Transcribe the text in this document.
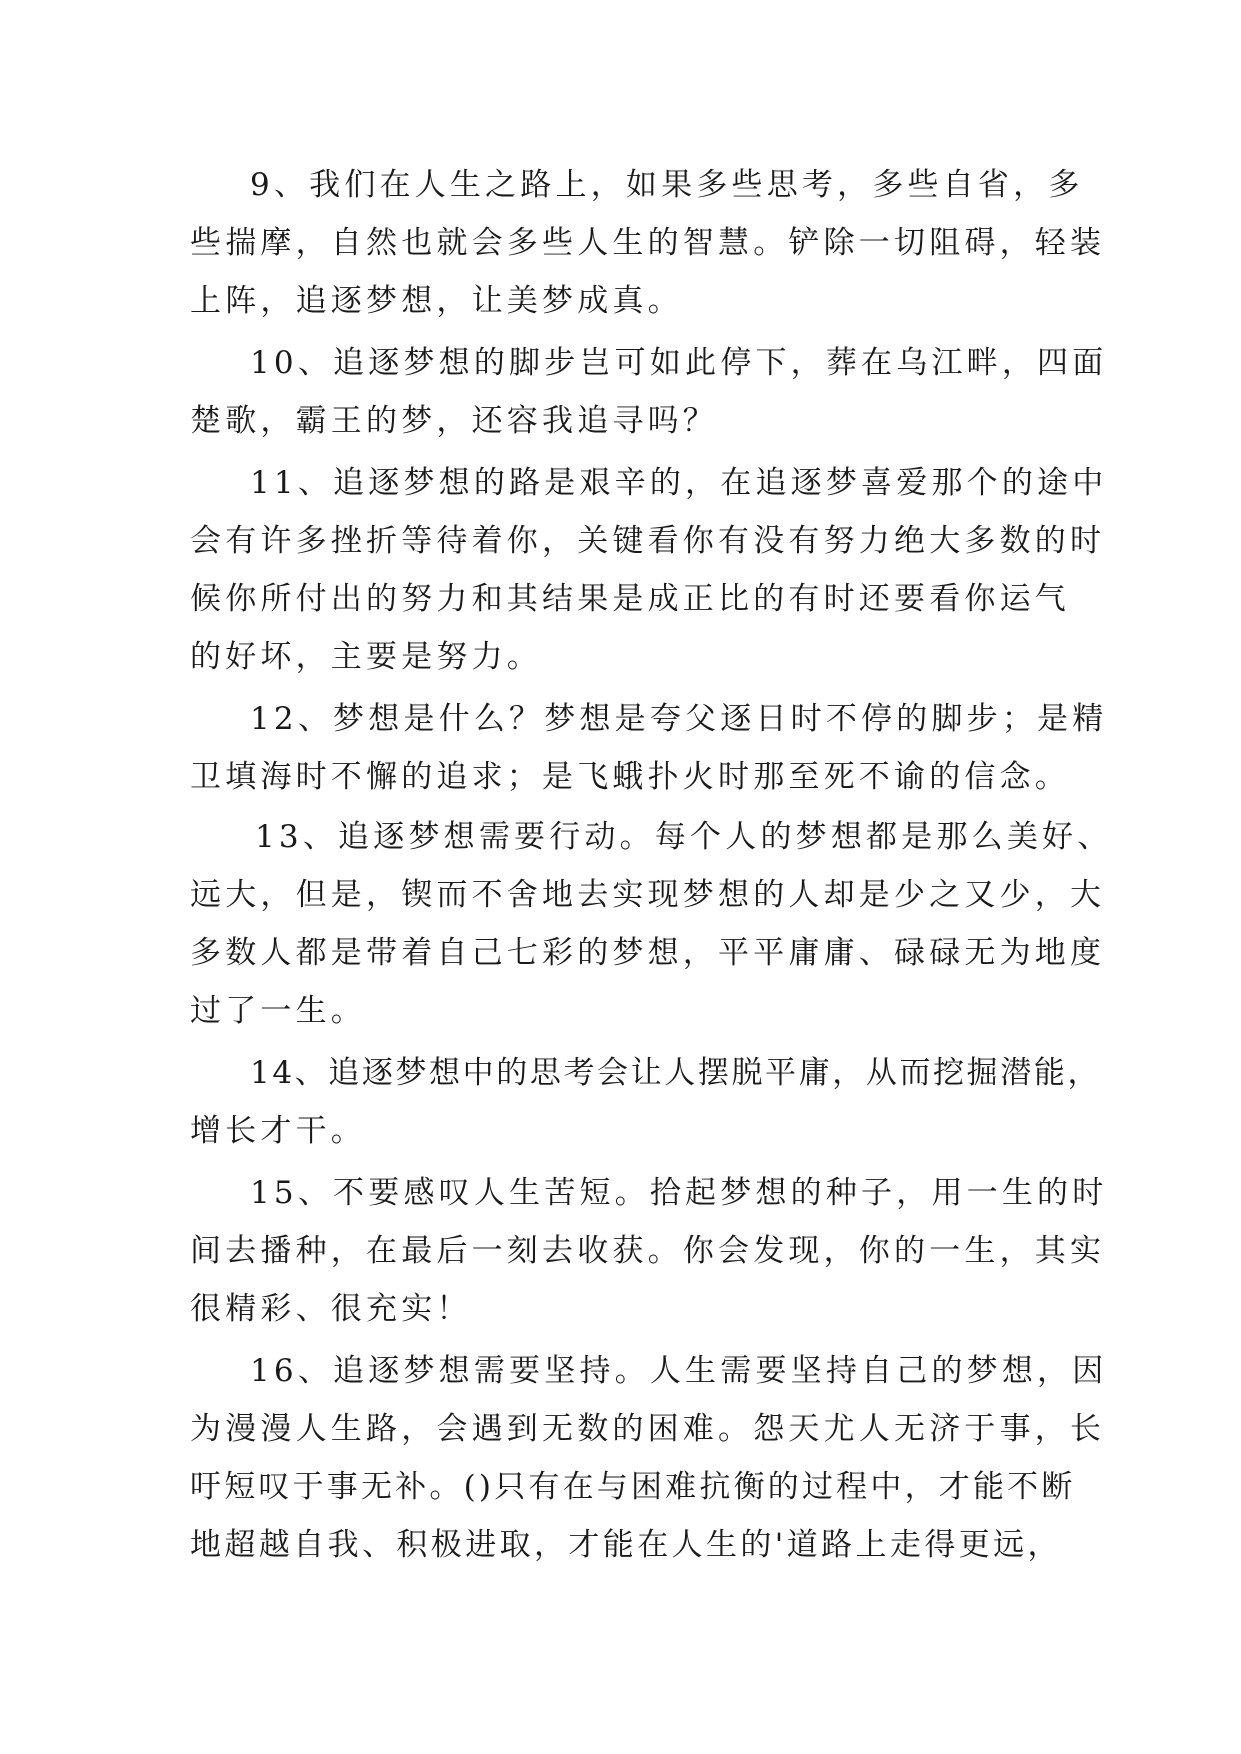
9、我们在人生之路上，如果多些思考，多些自省，多

些揣摩，自然也就会多些人生的智慧。铲除一切阻碍，轻装

上阵，追逐梦想，让美梦成真。

10、追逐梦想的脚步岂可如此停下，葬在乌江畔，四面

楚歌，霸王的梦，还容我追寻吗？

11、追逐梦想的路是艰辛的，在追逐梦喜爱那个的途中

会有许多挫折等待着你，关键看你有没有努力绝大多数的时

候你所付出的努力和其结果是成正比的有时还要看你运气

的好坏，主要是努力。

12、梦想是什么？梦想是夸父逐日时不停的脚步；是精

卫填海时不懈的追求；是飞蛾扑火时那至死不谕的信念。

13、追逐梦想需要行动。每个人的梦想都是那么美好、

远大，但是，锲而不舍地去实现梦想的人却是少之又少，大

多数人都是带着自己七彩的梦想，平平庸庸、碌碌无为地度

过了一生。

14、追逐梦想中的思考会让人摆脱平庸，从而挖掘潜能，

增长才干。

15、不要感叹人生苦短。拾起梦想的种子，用一生的时

间去播种，在最后一刻去收获。你会发现，你的一生，其实

很精彩、很充实！

16、追逐梦想需要坚持。人生需要坚持自己的梦想，因

为漫漫人生路，会遇到无数的困难。怨天尤人无济于事，长

吁短叹于事无补。()只有在与困难抗衡的过程中，才能不断

地超越自我、积极进取，才能在人生的'道路上走得更远，
